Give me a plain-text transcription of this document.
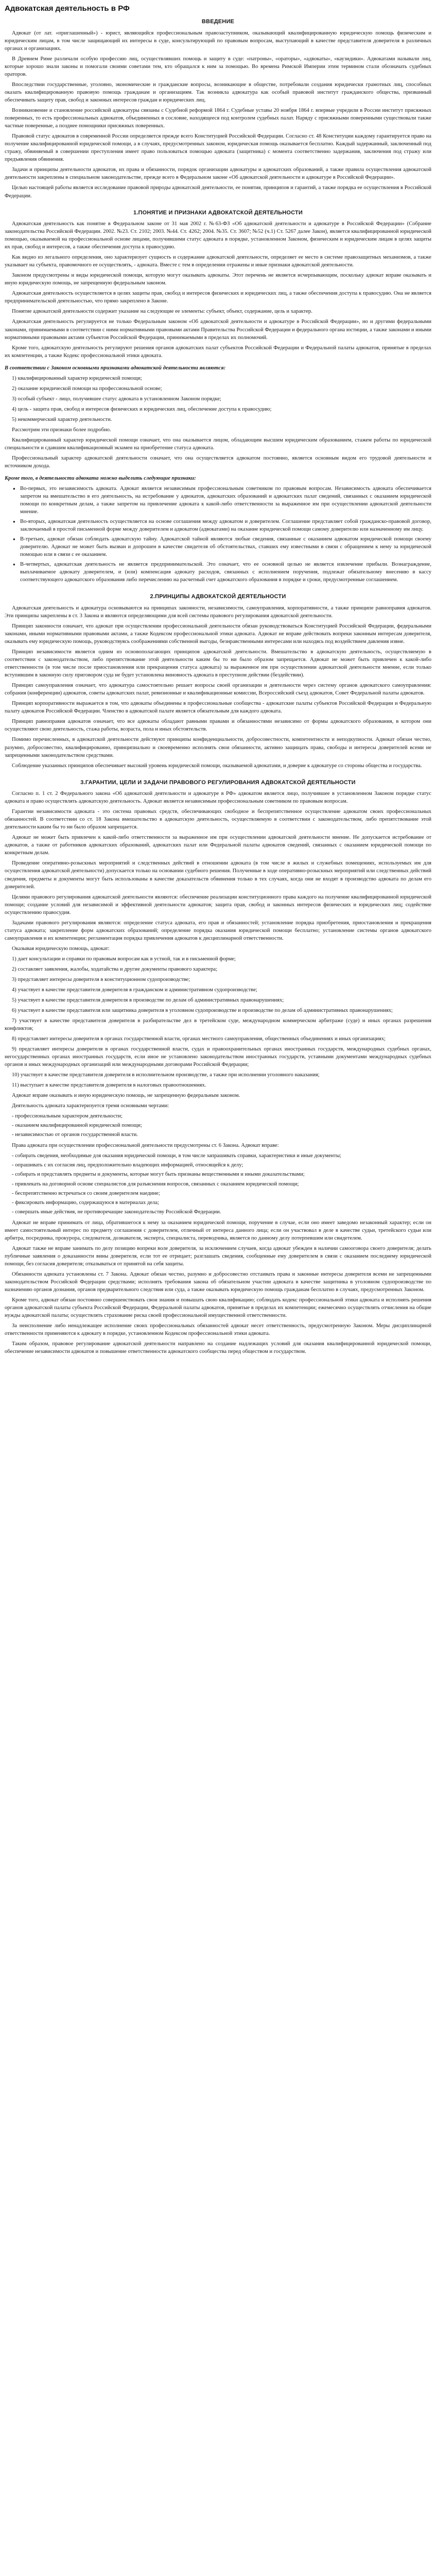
Адвокатская деятельность в РФ
ВВЕДЕНИЕ

Адвокат (от лат. «приглашенный») - юрист, являющийся профессиональным правозаступником, оказывающий квалифицированную юридическую помощь физическим и юридическим лицам, в том числе защищающий их интересы в суде, консультирующий по правовым вопросам, выступающий в качестве представителя доверителя в различных органах и организациях.

В Древнем Риме различали особую профессию лиц, осуществлявших помощь и защиту в суде: «патроны», «ораторы», «адвокаты», «каузидики». Адвокатами называли лиц, которые хорошо знали законы и помогали своими советами тем, кто обращался к ним за помощью. Во времена Римской Империи этим термином стали обозначать судебных ораторов.

Впоследствии государственные, уголовно, экономические и гражданские вопросы, возникающие в обществе, потребовали создания юридически грамотных лиц, способных оказать квалифицированную правовую помощь гражданам и организациям. Так возникла адвокатура как особый правовой институт гражданского общества, призванный обеспечивать защиту прав, свобод и законных интересов граждан и юридических лиц.

Возникновение и становление российской адвокатуры связаны с Судебной реформой 1864 г. Судебные уставы 20 ноября 1864 г. впервые учредили в России институт присяжных поверенных, то есть профессиональных адвокатов, объединенных в сословие, находящееся под контролем судебных палат. Наряду с присяжными поверенными существовали также частные поверенные, а позднее помощники присяжных поверенных.

Правовой статус адвокатов в современной России определяется прежде всего Конституцией Российской Федерации. Согласно ст. 48 Конституции каждому гарантируется право на получение квалифицированной юридической помощи, а в случаях, предусмотренных законом, юридическая помощь оказывается бесплатно. Каждый задержанный, заключенный под стражу, обвиняемый в совершении преступления имеет право пользоваться помощью адвоката (защитника) с момента соответственно задержания, заключения под стражу или предъявления обвинения.

Задачи и принципы деятельности адвокатов, их права и обязанности, порядок организации адвокатуры и адвокатских образований, а также правила осуществления адвокатской деятельности закреплены в специальном законодательстве, прежде всего в Федеральном законе «Об адвокатской деятельности и адвокатуре в Российской Федерации».

Целью настоящей работы является исследование правовой природы адвокатской деятельности, ее понятия, принципов и гарантий, а также порядка ее осуществления в Российской Федерации.

1.ПОНЯТИЕ И ПРИЗНАКИ АДВОКАТСКОЙ ДЕЯТЕЛЬНОСТИ

Адвокатская деятельность как понятие в Федеральном законе от 31 мая 2002 г. №63-ФЗ «Об адвокатской деятельности и адвокатуре в Российской Федерации» (Собрание законодательства Российской Федерации. 2002. №23. Ст. 2102; 2003. №44. Ст. 4262; 2004. №35. Ст. 3607; №52 (ч.1) Ст. 5267 далее Закон), является квалифицированной юридической помощью, оказываемой на профессиональной основе лицами, получившими статус адвоката в порядке, установленном Законом, физическим и юридическим лицам в целях защиты их прав, свобод и интересов, а также обеспечения доступа к правосудию.

Как видно из легального определения, оно характеризует сущность и содержание адвокатской деятельности, определяет ее место в системе правозащитных механизмов, а также указывает на субъекта, правомочного ее осуществлять, - адвоката. Вместе с тем в определении отражены и иные признаки адвокатской деятельности.

Законом предусмотрены и виды юридической помощи, которую могут оказывать адвокаты. Этот перечень не является исчерпывающим, поскольку адвокат вправе оказывать и иную юридическую помощь, не запрещенную федеральным законом.

Адвокатская деятельность осуществляется в целях защиты прав, свобод и интересов физических и юридических лиц, а также обеспечения доступа к правосудию. Она не является предпринимательской деятельностью, что прямо закреплено в Законе.

Понятие адвокатской деятельности содержит указание на следующие ее элементы: субъект, объект, содержание, цель и характер.

Адвокатская деятельность регулируется не только Федеральным законом «Об адвокатской деятельности и адвокатуре в Российской Федерации», но и другими федеральными законами, принимаемыми в соответствии с ними нормативными правовыми актами Правительства Российской Федерации и федерального органа юстиции, а также законами и иными нормативными правовыми актами субъектов Российской Федерации, принимаемыми в пределах их полномочий.

Кроме того, адвокатскую деятельность регулируют решения органов адвокатских палат субъектов Российской Федерации и Федеральной палаты адвокатов, принятые в пределах их компетенции, а также Кодекс профессиональной этики адвоката.

В соответствии с Законом основными признаками адвокатской деятельности являются:

1) квалифицированный характер юридической помощи;

2) оказание юридической помощи на профессиональной основе;

3) особый субъект - лицо, получившее статус адвоката в установленном Законом порядке;

4) цель - защита прав, свобод и интересов физических и юридических лиц, обеспечение доступа к правосудию;

5) некоммерческий характер деятельности.

Рассмотрим эти признаки более подробно.

Квалифицированный характер юридической помощи означает, что она оказывается лицом, обладающим высшим юридическим образованием, стажем работы по юридической специальности и сдавшим квалификационный экзамен на приобретение статуса адвоката.

Профессиональный характер адвокатской деятельности означает, что она осуществляется адвокатом постоянно, является основным видом его трудовой деятельности и источником дохода.

Кроме того, в деятельности адвоката можно выделить следующие признаки:

● Во-первых, это независимость адвоката. Адвокат является независимым профессиональным советником по правовым вопросам. Независимость адвоката обеспечивается запретом на вмешательство в его деятельность, на истребование у адвокатов, адвокатских образований и адвокатских палат сведений, связанных с оказанием юридической помощи по конкретным делам, а также запретом на привлечение адвоката к какой-либо ответственности за выраженное им при осуществлении адвокатской деятельности мнение.
● Во-вторых, адвокатская деятельность осуществляется на основе соглашения между адвокатом и доверителем. Соглашение представляет собой гражданско-правовой договор, заключаемый в простой письменной форме между доверителем и адвокатом (адвокатами) на оказание юридической помощи самому доверителю или назначенному им лицу.
● В-третьих, адвокат обязан соблюдать адвокатскую тайну. Адвокатской тайной являются любые сведения, связанные с оказанием адвокатом юридической помощи своему доверителю. Адвокат не может быть вызван и допрошен в качестве свидетеля об обстоятельствах, ставших ему известными в связи с обращением к нему за юридической помощью или в связи с ее оказанием.
● В-четвертых, адвокатская деятельность не является предпринимательской. Это означает, что ее основной целью не является извлечение прибыли. Вознаграждение, выплачиваемое адвокату доверителем, и (или) компенсация адвокату расходов, связанных с исполнением поручения, подлежат обязательному внесению в кассу соответствующего адвокатского образования либо перечислению на расчетный счет адвокатского образования в порядке и сроки, предусмотренные соглашением.
2.ПРИНЦИПЫ АДВОКАТСКОЙ ДЕЯТЕЛЬНОСТИ

Адвокатская деятельность и адвокатура основываются на принципах законности, независимости, самоуправления, корпоративности, а также принципе равноправия адвокатов. Эти принципы закреплены в ст. 3 Закона и являются определяющими для всей системы правового регулирования адвокатской деятельности.

Принцип законности означает, что адвокат при осуществлении профессиональной деятельности обязан руководствоваться Конституцией Российской Федерации, федеральными законами, иными нормативными правовыми актами, а также Кодексом профессиональной этики адвоката. Адвокат не вправе действовать вопреки законным интересам доверителя, оказывать ему юридическую помощь, руководствуясь соображениями собственной выгоды, безнравственными интересами или находясь под воздействием давления извне.

Принцип независимости является одним из основополагающих принципов адвокатской деятельности. Вмешательство в адвокатскую деятельность, осуществляемую в соответствии с законодательством, либо препятствование этой деятельности каким бы то ни было образом запрещается. Адвокат не может быть привлечен к какой-либо ответственности (в том числе после приостановления или прекращения статуса адвоката) за выраженное им при осуществлении адвокатской деятельности мнение, если только вступившим в законную силу приговором суда не будет установлена виновность адвоката в преступном действии (бездействии).

Принцип самоуправления означает, что адвокатура самостоятельно решает вопросы своей организации и деятельности через систему органов адвокатского самоуправления: собрания (конференции) адвокатов, советы адвокатских палат, ревизионные и квалификационные комиссии, Всероссийский съезд адвокатов, Совет Федеральной палаты адвокатов.

Принцип корпоративности выражается в том, что адвокаты объединены в профессиональные сообщества - адвокатские палаты субъектов Российской Федерации и Федеральную палату адвокатов Российской Федерации. Членство в адвокатской палате является обязательным для каждого адвоката.

Принцип равноправия адвокатов означает, что все адвокаты обладают равными правами и обязанностями независимо от формы адвокатского образования, в котором они осуществляют свою деятельность, стажа работы, возраста, пола и иных обстоятельств.

Помимо перечисленных, в адвокатской деятельности действуют принципы конфиденциальности, добросовестности, компетентности и неподкупности. Адвокат обязан честно, разумно, добросовестно, квалифицированно, принципиально и своевременно исполнять свои обязанности, активно защищать права, свободы и интересы доверителей всеми не запрещенными законодательством средствами.

Соблюдение указанных принципов обеспечивает высокий уровень юридической помощи, оказываемой адвокатами, и доверие к адвокатуре со стороны общества и государства.

3.ГАРАНТИИ, ЦЕЛИ И ЗАДАЧИ ПРАВОВОГО РЕГУЛИРОВАНИЯ АДВОКАТСКОЙ ДЕЯТЕЛЬНОСТИ

Согласно п. 1 ст. 2 Федерального закона «Об адвокатской деятельности и адвокатуре в РФ» адвокатом является лицо, получившее в установленном Законом порядке статус адвоката и право осуществлять адвокатскую деятельность. Адвокат является независимым профессиональным советником по правовым вопросам.

Гарантии независимости адвоката - это система правовых средств, обеспечивающих свободное и беспрепятственное осуществление адвокатом своих профессиональных обязанностей. В соответствии со ст. 18 Закона вмешательство в адвокатскую деятельность, осуществляемую в соответствии с законодательством, либо препятствование этой деятельности каким бы то ни было образом запрещается.

Адвокат не может быть привлечен к какой-либо ответственности за выраженное им при осуществлении адвокатской деятельности мнение. Не допускается истребование от адвокатов, а также от работников адвокатских образований, адвокатских палат или Федеральной палаты адвокатов сведений, связанных с оказанием юридической помощи по конкретным делам.

Проведение оперативно-розыскных мероприятий и следственных действий в отношении адвоката (в том числе в жилых и служебных помещениях, используемых им для осуществления адвокатской деятельности) допускается только на основании судебного решения. Полученные в ходе оперативно-розыскных мероприятий или следственных действий сведения, предметы и документы могут быть использованы в качестве доказательств обвинения только в тех случаях, когда они не входят в производство адвоката по делам его доверителей.

Целями правового регулирования адвокатской деятельности являются: обеспечение реализации конституционного права каждого на получение квалифицированной юридической помощи; создание условий для независимой и эффективной деятельности адвокатов; защита прав, свобод и законных интересов физических и юридических лиц; содействие осуществлению правосудия.

Задачами правового регулирования являются: определение статуса адвоката, его прав и обязанностей; установление порядка приобретения, приостановления и прекращения статуса адвоката; закрепление форм адвокатских образований; определение порядка оказания юридической помощи бесплатно; установление системы органов адвокатского самоуправления и их компетенции; регламентация порядка привлечения адвокатов к дисциплинарной ответственности.

Оказывая юридическую помощь, адвокат:

1) дает консультации и справки по правовым вопросам как в устной, так и в письменной форме;

2) составляет заявления, жалобы, ходатайства и другие документы правового характера;

3) представляет интересы доверителя в конституционном судопроизводстве;

4) участвует в качестве представителя доверителя в гражданском и административном судопроизводстве;

5) участвует в качестве представителя доверителя в производстве по делам об административных правонарушениях;

6) участвует в качестве представителя или защитника доверителя в уголовном судопроизводстве и производстве по делам об административных правонарушениях;

7) участвует в качестве представителя доверителя в разбирательстве дел в третейском суде, международном коммерческом арбитраже (суде) и иных органах разрешения конфликтов;

8) представляет интересы доверителя в органах государственной власти, органах местного самоуправления, общественных объединениях и иных организациях;

9) представляет интересы доверителя в органах государственной власти, судах и правоохранительных органах иностранных государств, международных судебных органах, негосударственных органах иностранных государств, если иное не установлено законодательством иностранных государств, уставными документами международных судебных органов и иных международных организаций или международными договорами Российской Федерации;

10) участвует в качестве представителя доверителя в исполнительном производстве, а также при исполнении уголовного наказания;

11) выступает в качестве представителя доверителя в налоговых правоотношениях.

Адвокат вправе оказывать и иную юридическую помощь, не запрещенную федеральным законом.

Деятельность адвоката характеризуется тремя основными чертами:

- профессиональным характером деятельности;
- оказанием квалифицированной юридической помощи;
- независимостью от органов государственной власти.

Права адвоката при осуществлении профессиональной деятельности предусмотрены ст. 6 Закона. Адвокат вправе:

- собирать сведения, необходимые для оказания юридической помощи, в том числе запрашивать справки, характеристики и иные документы;
- опрашивать с их согласия лиц, предположительно владеющих информацией, относящейся к делу;
- собирать и представлять предметы и документы, которые могут быть признаны вещественными и иными доказательствами;
- привлекать на договорной основе специалистов для разъяснения вопросов, связанных с оказанием юридической помощи;
- беспрепятственно встречаться со своим доверителем наедине;
- фиксировать информацию, содержащуюся в материалах дела;
- совершать иные действия, не противоречащие законодательству Российской Федерации.

Адвокат не вправе принимать от лица, обратившегося к нему за оказанием юридической помощи, поручение в случае, если оно имеет заведомо незаконный характер; если он имеет самостоятельный интерес по предмету соглашения с доверителем, отличный от интереса данного лица; если он участвовал в деле в качестве судьи, третейского судьи или арбитра, посредника, прокурора, следователя, дознавателя, эксперта, специалиста, переводчика, является по данному делу потерпевшим или свидетелем.

Адвокат также не вправе занимать по делу позицию вопреки воле доверителя, за исключением случаев, когда адвокат убежден в наличии самооговора своего доверителя; делать публичные заявления о доказанности вины доверителя, если тот ее отрицает; разглашать сведения, сообщенные ему доверителем в связи с оказанием последнему юридической помощи, без согласия доверителя; отказываться от принятой на себя защиты.

Обязанности адвоката установлены ст. 7 Закона. Адвокат обязан честно, разумно и добросовестно отстаивать права и законные интересы доверителя всеми не запрещенными законодательством Российской Федерации средствами; исполнять требования закона об обязательном участии адвоката в качестве защитника в уголовном судопроизводстве по назначению органов дознания, органов предварительного следствия или суда, а также оказывать юридическую помощь гражданам бесплатно в случаях, предусмотренных Законом.

Кроме того, адвокат обязан постоянно совершенствовать свои знания и повышать свою квалификацию; соблюдать кодекс профессиональной этики адвоката и исполнять решения органов адвокатской палаты субъекта Российской Федерации, Федеральной палаты адвокатов, принятые в пределах их компетенции; ежемесячно осуществлять отчисления на общие нужды адвокатской палаты; осуществлять страхование риска своей профессиональной имущественной ответственности.

За неисполнение либо ненадлежащее исполнение своих профессиональных обязанностей адвокат несет ответственность, предусмотренную Законом. Меры дисциплинарной ответственности применяются к адвокату в порядке, установленном Кодексом профессиональной этики адвоката.

Таким образом, правовое регулирование адвокатской деятельности направлено на создание надлежащих условий для оказания квалифицированной юридической помощи, обеспечение независимости адвокатов и повышение ответственности адвокатского сообщества перед обществом и государством.
